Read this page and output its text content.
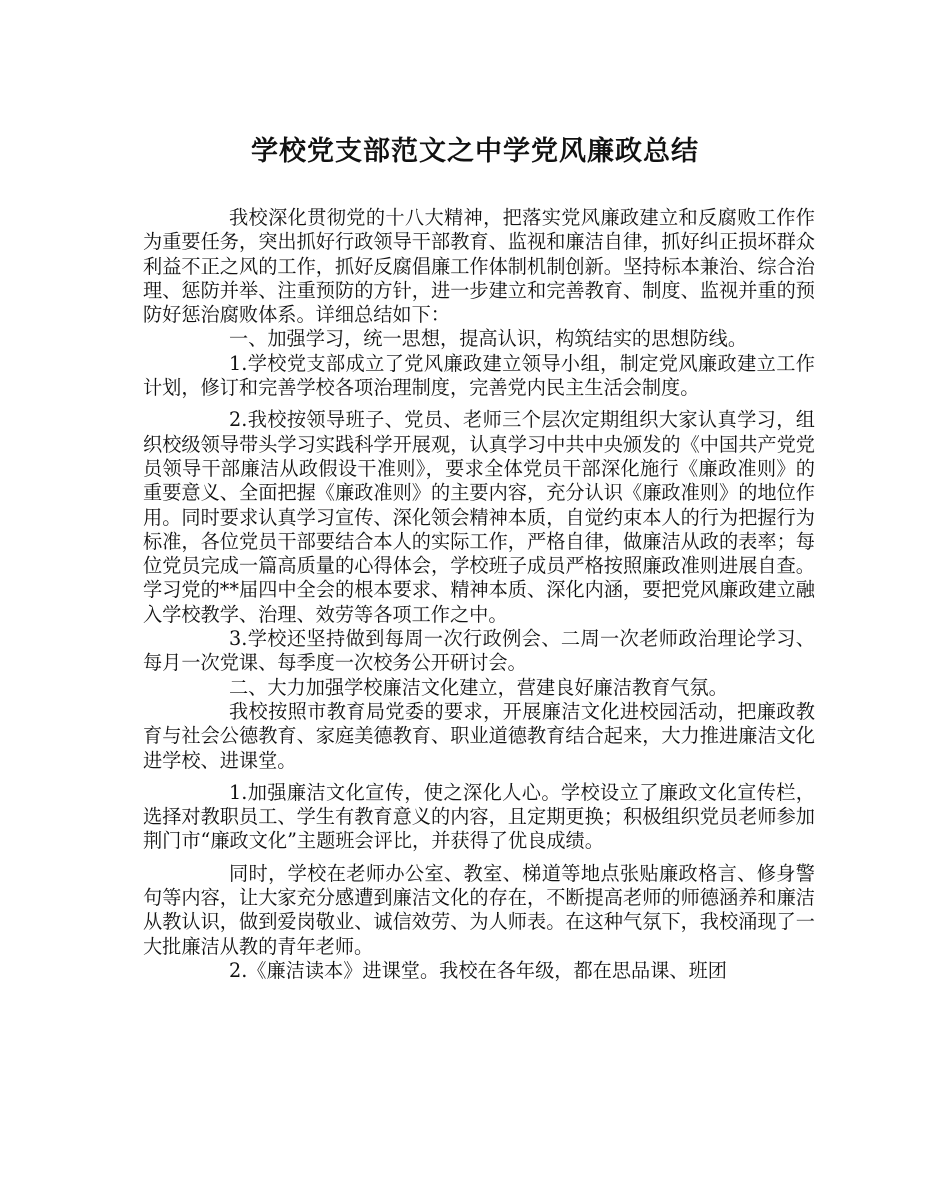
学校党支部范文之中学党风廉政总结

我校深化贯彻党的十八大精神，把落实党风廉政建立和反腐败工作作为重要任务，突出抓好行政领导干部教育、监视和廉洁自律，抓好纠正损坏群众利益不正之风的工作，抓好反腐倡廉工作体制机制创新。坚持标本兼治、综合治理、惩防并举、注重预防的方针，进一步建立和完善教育、制度、监视并重的预防好惩治腐败体系。详细总结如下：

一、加强学习，统一思想，提高认识，构筑结实的思想防线。

1.学校党支部成立了党风廉政建立领导小组，制定党风廉政建立工作计划，修订和完善学校各项治理制度，完善党内民主生活会制度。

2.我校按领导班子、党员、老师三个层次定期组织大家认真学习，组织校级领导带头学习实践科学开展观，认真学习中共中央颁发的《中国共产党党员领导干部廉洁从政假设干准则》，要求全体党员干部深化施行《廉政准则》的重要意义、全面把握《廉政准则》的主要内容，充分认识《廉政准则》的地位作用。同时要求认真学习宣传、深化领会精神本质，自觉约束本人的行为把握行为标准，各位党员干部要结合本人的实际工作，严格自律，做廉洁从政的表率；每位党员完成一篇高质量的心得体会，学校班子成员严格按照廉政准则进展自查。学习党的**届四中全会的根本要求、精神本质、深化内涵，要把党风廉政建立融入学校教学、治理、效劳等各项工作之中。

3.学校还坚持做到每周一次行政例会、二周一次老师政治理论学习、每月一次党课、每季度一次校务公开研讨会。

二、大力加强学校廉洁文化建立，营建良好廉洁教育气氛。

我校按照市教育局党委的要求，开展廉洁文化进校园活动，把廉政教育与社会公德教育、家庭美德教育、职业道德教育结合起来，大力推进廉洁文化进学校、进课堂。

1.加强廉洁文化宣传，使之深化人心。学校设立了廉政文化宣传栏，选择对教职员工、学生有教育意义的内容，且定期更换；积极组织党员老师参加荆门市“廉政文化”主题班会评比，并获得了优良成绩。

同时，学校在老师办公室、教室、梯道等地点张贴廉政格言、修身警句等内容，让大家充分感遭到廉洁文化的存在，不断提高老师的师德涵养和廉洁从教认识，做到爱岗敬业、诚信效劳、为人师表。在这种气氛下，我校涌现了一大批廉洁从教的青年老师。

2.《廉洁读本》进课堂。我校在各年级，都在思品课、班团
